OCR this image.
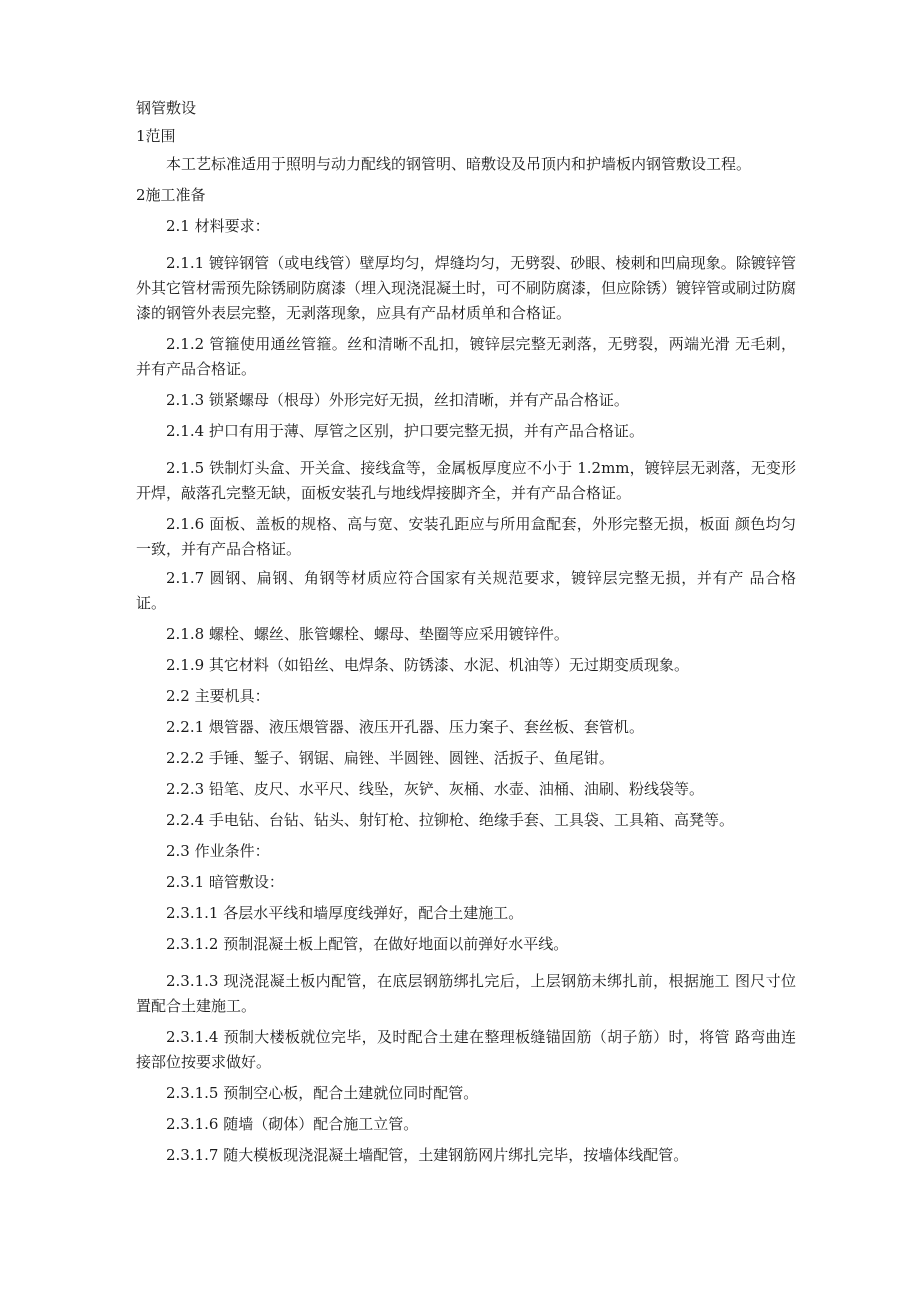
钢管敷设

1范围

本工艺标准适用于照明与动力配线的钢管明、暗敷设及吊顶内和护墙板内钢管敷设工程。

2施工准备

2.1 材料要求：

2.1.1 镀锌钢管（或电线管）壁厚均匀，焊缝均匀，无劈裂、砂眼、棱刺和凹扁现象。除镀锌管外其它管材需预先除锈刷防腐漆（埋入现浇混凝土时，可不刷防腐漆，但应除锈）镀锌管或刷过防腐漆的钢管外表层完整，无剥落现象，应具有产品材质单和合格证。

2.1.2 管箍使用通丝管箍。丝和清晰不乱扣，镀锌层完整无剥落，无劈裂，两端光滑 无毛刺，并有产品合格证。

2.1.3 锁紧螺母（根母）外形完好无损，丝扣清晰，并有产品合格证。

2.1.4 护口有用于薄、厚管之区别，护口要完整无损，并有产品合格证。

2.1.5 铁制灯头盒、开关盒、接线盒等，金属板厚度应不小于 1.2mm，镀锌层无剥落，无变形开焊，敲落孔完整无缺，面板安装孔与地线焊接脚齐全，并有产品合格证。

2.1.6 面板、盖板的规格、高与宽、安装孔距应与所用盒配套，外形完整无损，板面 颜色均匀一致，并有产品合格证。

2.1.7 圆钢、扁钢、角钢等材质应符合国家有关规范要求，镀锌层完整无损，并有产 品合格证。

2.1.8 螺栓、螺丝、胀管螺栓、螺母、垫圈等应采用镀锌件。

2.1.9 其它材料（如铅丝、电焊条、防锈漆、水泥、机油等）无过期变质现象。

2.2 主要机具：

2.2.1 煨管器、液压煨管器、液压开孔器、压力案子、套丝板、套管机。

2.2.2 手锤、錾子、钢锯、扁锉、半圆锉、圆锉、活扳子、鱼尾钳。

2.2.3 铅笔、皮尺、水平尺、线坠，灰铲、灰桶、水壶、油桶、油刷、粉线袋等。

2.2.4 手电钻、台钻、钻头、射钉枪、拉铆枪、绝缘手套、工具袋、工具箱、高凳等。

2.3 作业条件：

2.3.1 暗管敷设：

2.3.1.1 各层水平线和墙厚度线弹好，配合土建施工。

2.3.1.2 预制混凝土板上配管，在做好地面以前弹好水平线。

2.3.1.3 现浇混凝土板内配管，在底层钢筋绑扎完后，上层钢筋未绑扎前，根据施工 图尺寸位置配合土建施工。

2.3.1.4 预制大楼板就位完毕，及时配合土建在整理板缝锚固筋（胡子筋）时，将管 路弯曲连接部位按要求做好。

2.3.1.5 预制空心板，配合土建就位同时配管。

2.3.1.6 随墙（砌体）配合施工立管。

2.3.1.7 随大模板现浇混凝土墙配管，土建钢筋网片绑扎完毕，按墙体线配管。
